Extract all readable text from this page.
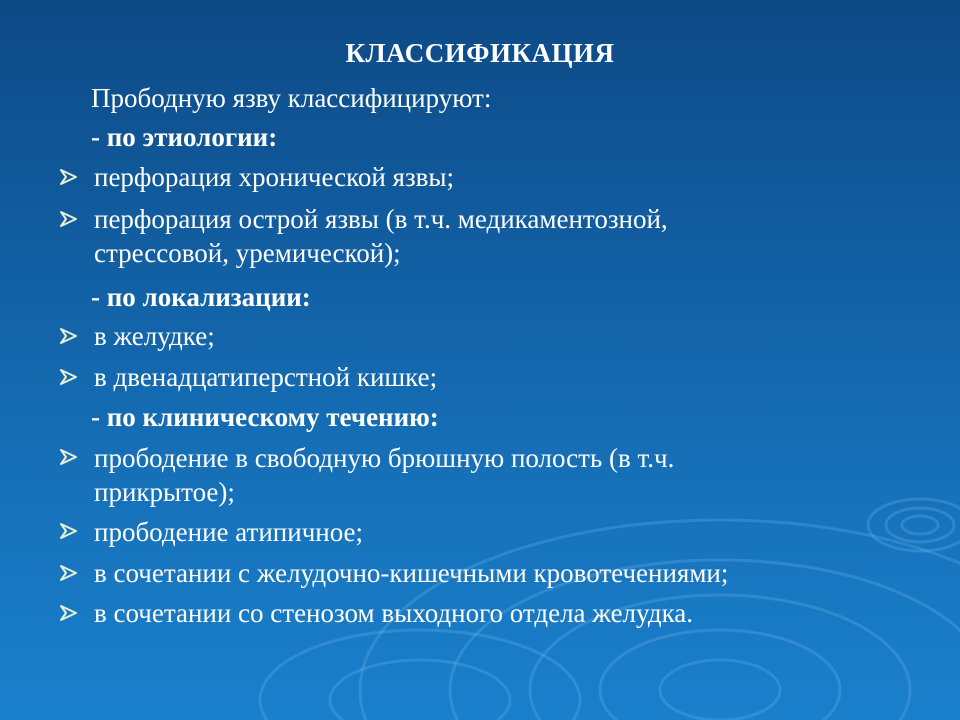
КЛАССИФИКАЦИЯ
Прободную язву классифицируют:
- по этиологии:
перфорация хронической язвы;
перфорация острой язвы (в т.ч. медикаментозной,
стрессовой, уремической);
- по локализации:
в желудке;
в двенадцатиперстной кишке;
- по клиническому течению:
прободение в свободную брюшную полость (в т.ч.
прикрытое);
прободение атипичное;
в сочетании с желудочно-кишечными кровотечениями;
в сочетании со стенозом выходного отдела желудка.
